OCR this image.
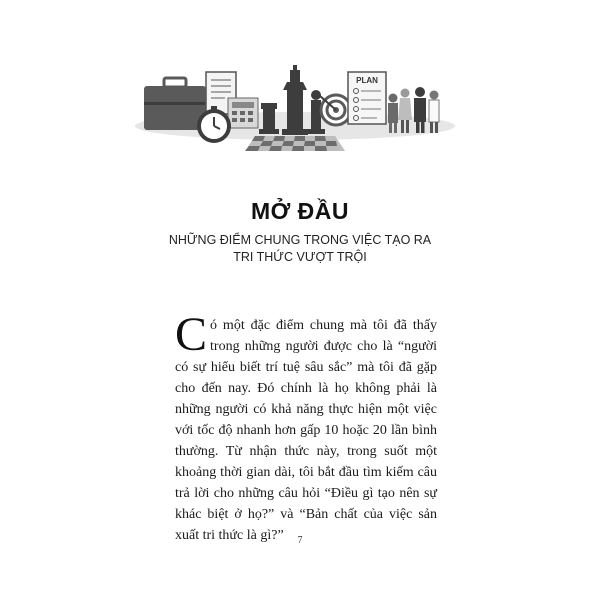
PLAN
MỞ ĐẦU
NHỮNG ĐIỂM CHUNG TRONG VIỆC TẠO RA
TRI THỨC VƯỢT TRỘI
Có một đặc điểm chung mà tôi đã thấy trong những người được cho là “người có sự hiểu biết trí tuệ sâu sắc” mà tôi đã gặp cho đến nay. Đó chính là họ không phải là những người có khả năng thực hiện một việc với tốc độ nhanh hơn gấp 10 hoặc 20 lần bình thường. Từ nhận thức này, trong suốt một khoảng thời gian dài, tôi bắt đầu tìm kiếm câu trả lời cho những câu hỏi “Điều gì tạo nên sự khác biệt ở họ?” và “Bản chất của việc sản xuất tri thức là gì?”	7
